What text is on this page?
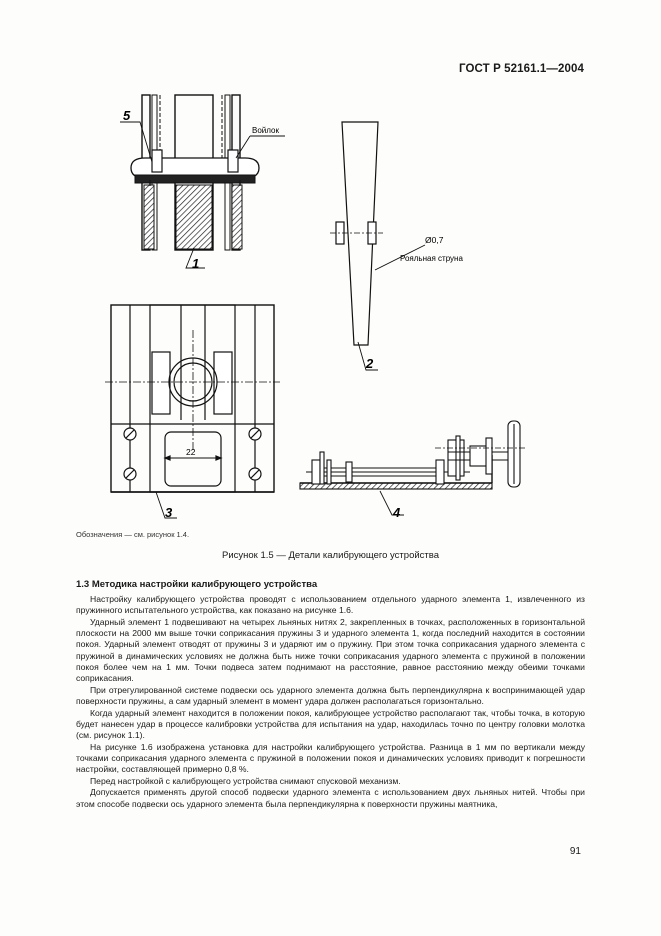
ГОСТ Р 52161.1—2004
5
Войлок
1
Ø0,7
Рояльная струна
2
22
3	4
Обозначения — см. рисунок 1.4.
Рисунок 1.5 — Детали калибрующего устройства
1.3 Методика настройки калибрующего устройства

Настройку калибрующего устройства проводят с использованием отдельного ударного элемента 1, извлеченного из пружинного испытательного устройства, как показано на рисунке 1.6.

Ударный элемент 1 подвешивают на четырех льняных нитях 2, закрепленных в точках, расположенных в горизонтальной плоскости на 2000 мм выше точки соприкасания пружины 3 и ударного элемента 1, когда последний находится в состоянии покоя. Ударный элемент отводят от пружины 3 и ударяют им о пружину. При этом точка соприкасания ударного элемента с пружиной в динамических условиях не должна быть ниже точки соприкасания ударного элемента с пружиной в положении покоя более чем на 1 мм. Точки подвеса затем поднимают на расстояние, равное расстоянию между обеими точками соприкасания.

При отрегулированной системе подвески ось ударного элемента должна быть перпендикулярна к воспринимающей удар поверхности пружины, а сам ударный элемент в момент удара должен располагаться горизонтально.

Когда ударный элемент находится в положении покоя, калибрующее устройство располагают так, чтобы точка, в которую будет нанесен удар в процессе калибровки устройства для испытания на удар, находилась точно по центру головки молотка (см. рисунок 1.1).

На рисунке 1.6 изображена установка для настройки калибрующего устройства. Разница в 1 мм по вертикали между точками соприкасания ударного элемента с пружиной в положении покоя и динамических условиях приводит к погрешности настройки, составляющей примерно 0,8 %.

Перед настройкой с калибрующего устройства снимают спусковой механизм.

Допускается применять другой способ подвески ударного элемента с использованием двух льняных нитей. Чтобы при этом способе подвески ось ударного элемента была перпендикулярна к поверхности пружины маятника,

91
